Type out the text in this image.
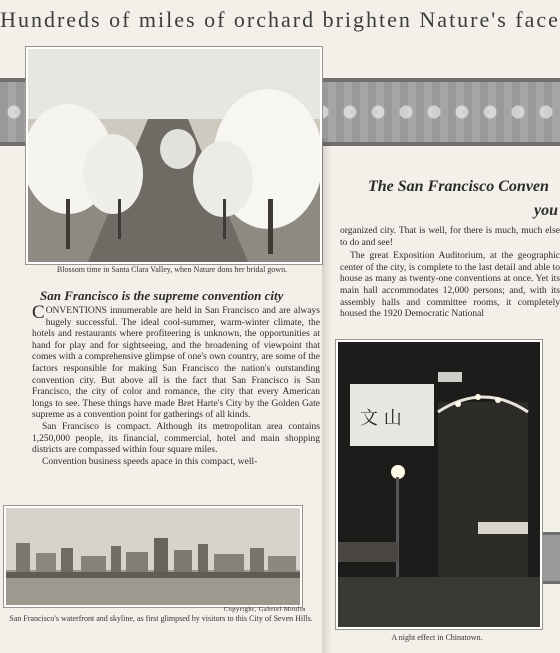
Hundreds of miles of orchard brighten Nature's face
Blossom time in Santa Clara Valley, when Nature dons her bridal gown.
San Francisco is the supreme convention city

CONVENTIONS innumerable are held in San Francisco and are always hugely successful. The ideal cool-summer, warm-winter climate, the hotels and restaurants where profiteering is unknown, the opportunities at hand for play and for sightseeing, and the broadening of viewpoint that comes with a comprehensive glimpse of one's own country, are some of the factors responsible for making San Francisco the nation's outstanding convention city. But above all is the fact that San Francisco is San Francisco, the city of color and romance, the city that every American longs to see. These things have made Bret Harte's City by the Golden Gate supreme as a convention point for gatherings of all kinds.

San Francisco is compact. Although its metropolitan area contains 1,250,000 people, its financial, commercial, hotel and main shopping districts are compassed within four square miles.

Convention business speeds apace in this compact, well-

Copyright, Gabriel Moulin
San Francisco's waterfront and skyline, as first glimpsed by visitors to this City of Seven Hills.
The San Francisco Conven
you

organized city. That is well, for there is much, much else to do and see!

The great Exposition Auditorium, at the geographic center of the city, is complete to the last detail and able to house as many as twenty-one conventions at once. Yet its main hall accommodates 12,000 persons; and, with its assembly halls and committee rooms, it completely housed the 1920 Democratic National

⽂ ⼭
A night effect in Chinatown.
